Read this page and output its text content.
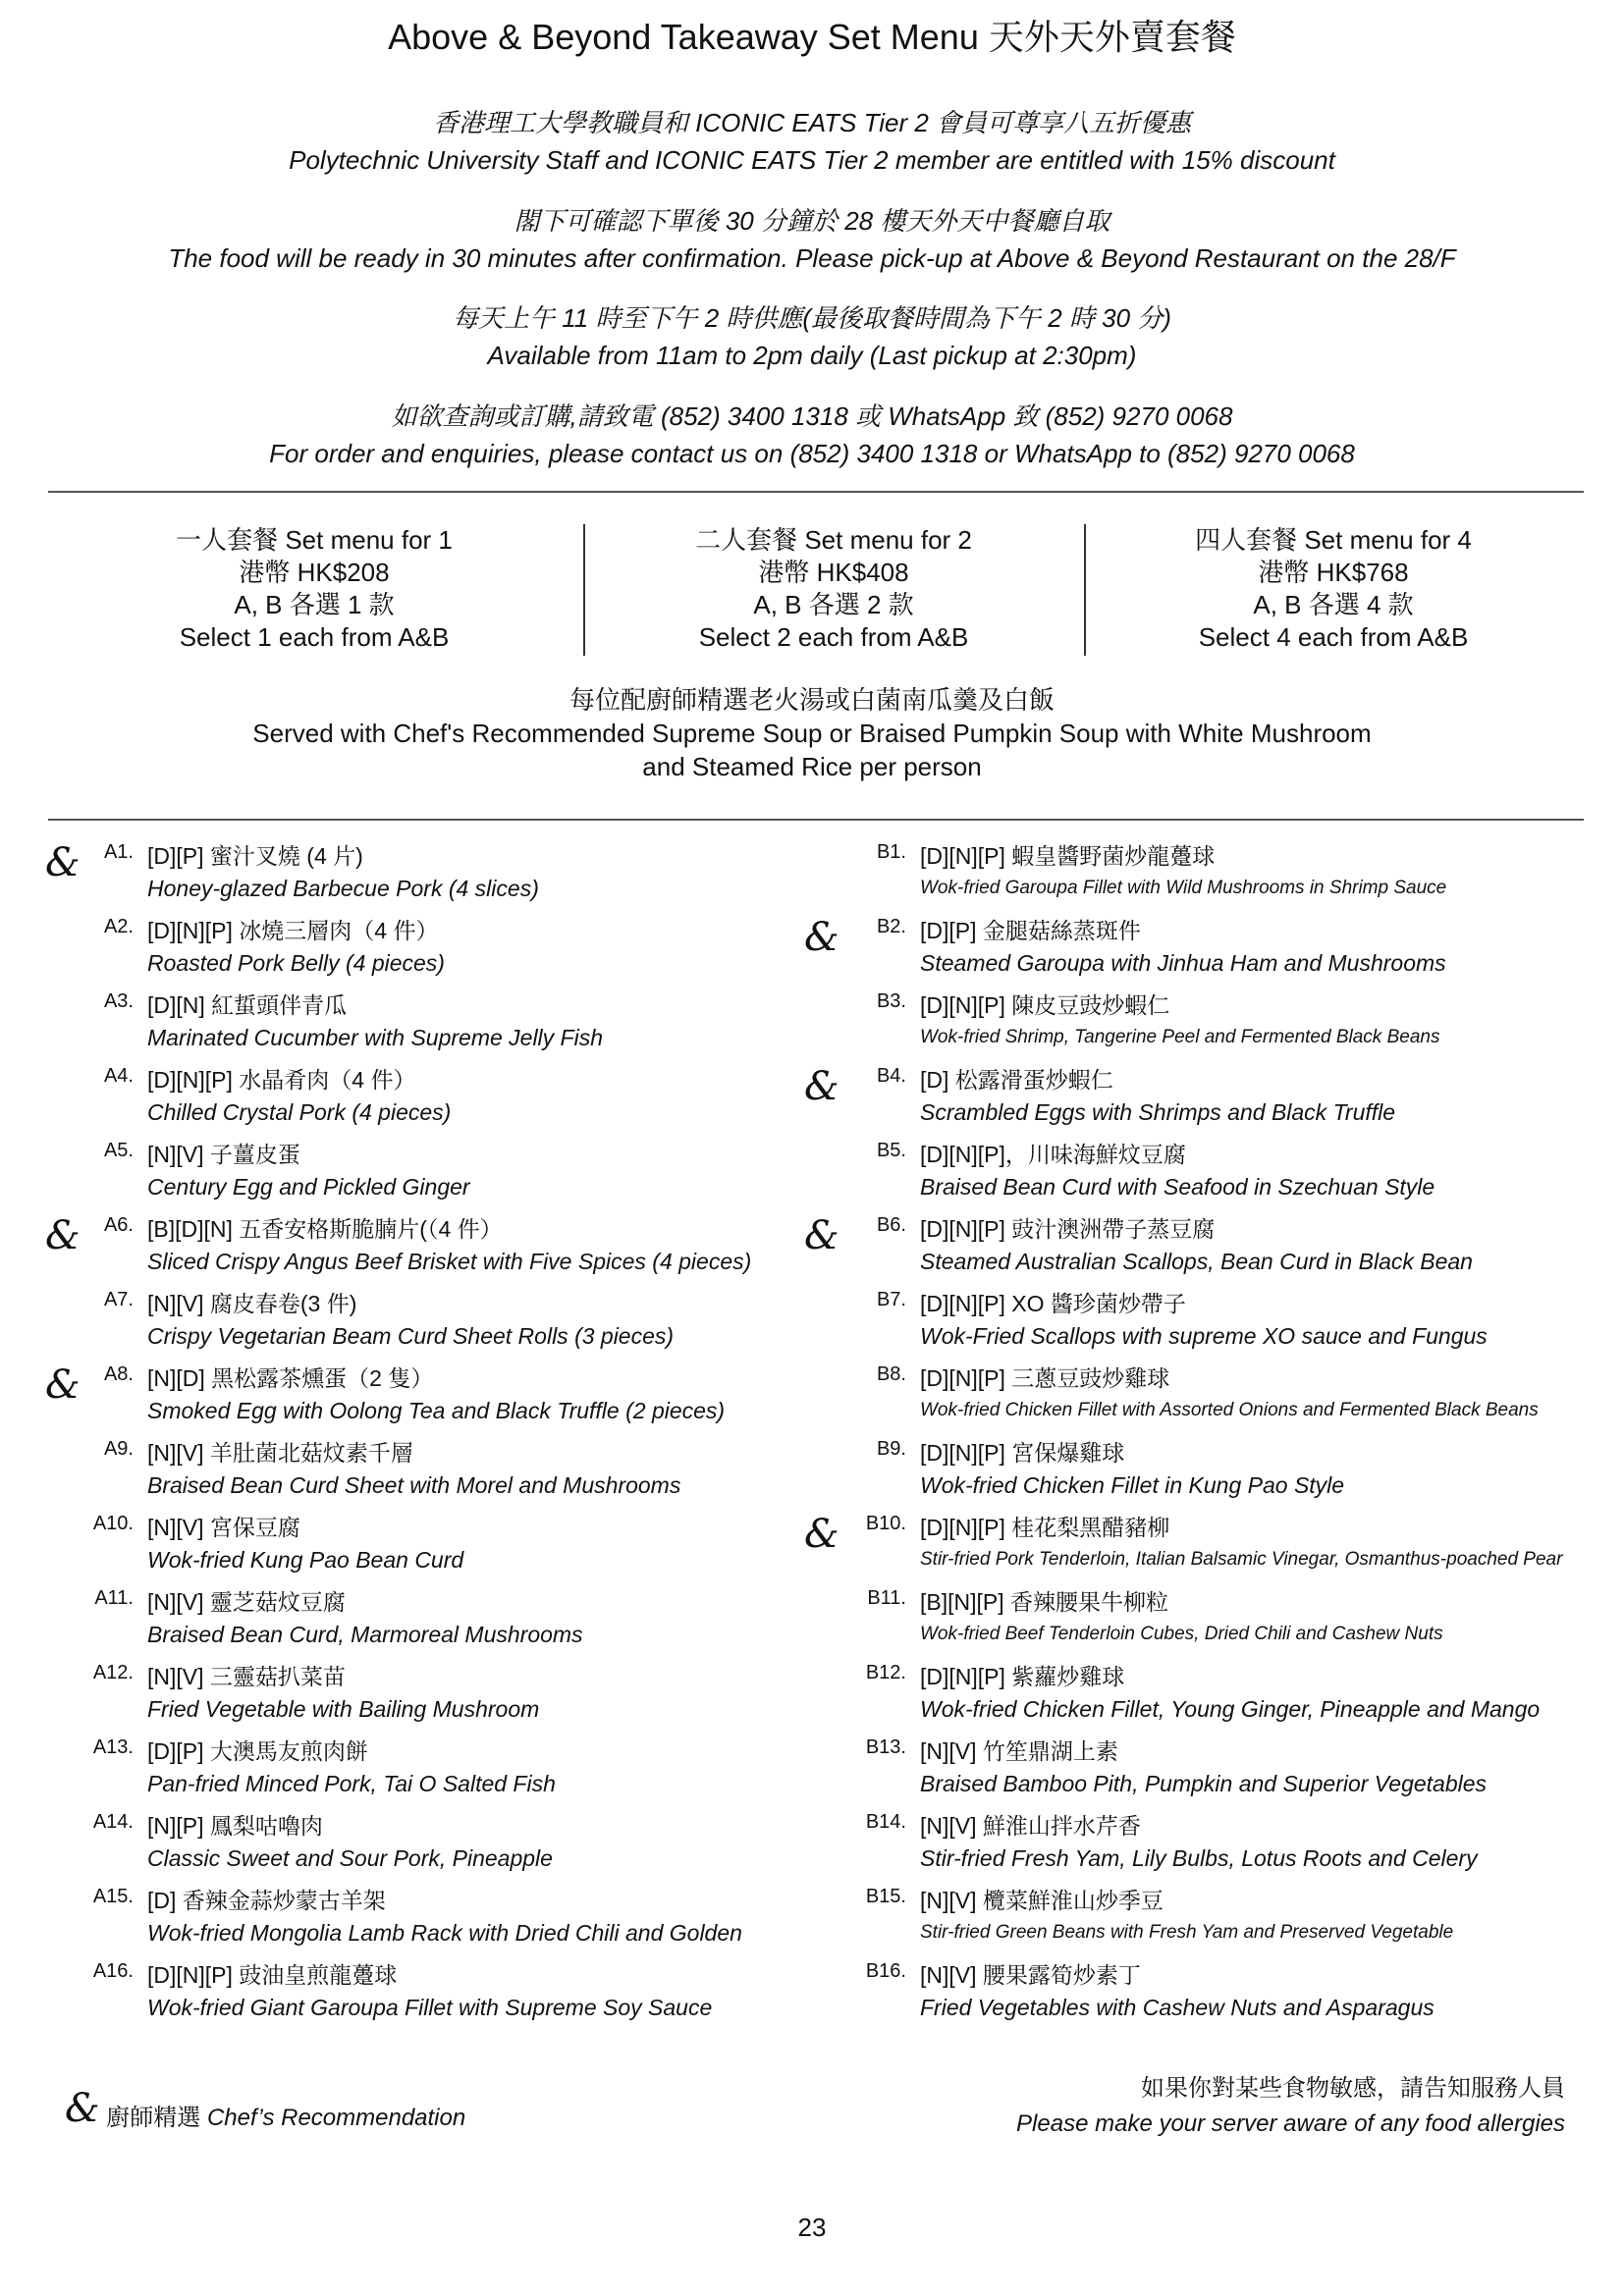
Above & Beyond Takeaway Set Menu 天外天外賣套餐
香港理工大學教職員和 ICONIC EATS Tier 2 會員可尊享八五折優惠
Polytechnic University Staff and ICONIC EATS Tier 2 member are entitled with 15% discount
閣下可確認下單後 30 分鐘於 28 樓天外天中餐廳自取
The food will be ready in 30 minutes after confirmation. Please pick-up at Above & Beyond Restaurant on the 28/F
每天上午 11 時至下午 2 時供應(最後取餐時間為下午 2 時 30 分)
Available from 11am to 2pm daily (Last pickup at 2:30pm)
如欲查詢或訂購,請致電 (852) 3400 1318 或 WhatsApp 致 (852) 9270 0068
For order and enquiries, please contact us on (852) 3400 1318 or WhatsApp to (852) 9270 0068
一人套餐 Set menu for 1
港幣 HK$208
A, B 各選 1 款
Select 1 each from A&B
二人套餐 Set menu for 2
港幣 HK$408
A, B 各選 2 款
Select 2 each from A&B
四人套餐 Set menu for 4
港幣 HK$768
A, B 各選 4 款
Select 4 each from A&B
每位配廚師精選老火湯或白菌南瓜羹及白飯
Served with Chef's Recommended Supreme Soup or Braised Pumpkin Soup with White Mushroom
and Steamed Rice per person
& A1. [D][P] 蜜汁叉燒 (4 片)
Honey-glazed Barbecue Pork (4 slices)
A2. [D][N][P] 冰燒三層肉（4 件）
Roasted Pork Belly (4 pieces)
A3. [D][N] 紅蜇頭伴青瓜
Marinated Cucumber with Supreme Jelly Fish
A4. [D][N][P] 水晶肴肉（4 件）
Chilled Crystal Pork (4 pieces)
A5. [N][V] 子薑皮蛋
Century Egg and Pickled Ginger
& A6. [B][D][N] 五香安格斯脆腩片(（4 件）
Sliced Crispy Angus Beef Brisket with Five Spices (4 pieces)
A7. [N][V] 腐皮春卷(3 件)
Crispy Vegetarian Beam Curd Sheet Rolls (3 pieces)
& A8. [N][D] 黑松露茶燻蛋（2 隻）
Smoked Egg with Oolong Tea and Black Truffle (2 pieces)
A9. [N][V] 羊肚菌北菇炆素千層
Braised Bean Curd Sheet with Morel and Mushrooms
A10. [N][V] 宮保豆腐
Wok-fried Kung Pao Bean Curd
A11. [N][V] 靈芝菇炆豆腐
Braised Bean Curd, Marmoreal Mushrooms
A12. [N][V] 三靈菇扒菜苗
Fried Vegetable with Bailing Mushroom
A13. [D][P] 大澳馬友煎肉餅
Pan-fried Minced Pork, Tai O Salted Fish
A14. [N][P] 鳳梨咕嚕肉
Classic Sweet and Sour Pork, Pineapple
A15. [D] 香辣金蒜炒蒙古羊架
Wok-fried Mongolia Lamb Rack with Dried Chili and Golden
A16. [D][N][P] 豉油皇煎龍躉球
Wok-fried Giant Garoupa Fillet with Supreme Soy Sauce
B1. [D][N][P] 蝦皇醬野菌炒龍躉球
Wok-fried Garoupa Fillet with Wild Mushrooms in Shrimp Sauce
& B2. [D][P] 金腿菇絲蒸斑件
Steamed Garoupa with Jinhua Ham and Mushrooms
B3. [D][N][P] 陳皮豆豉炒蝦仁
Wok-fried Shrimp, Tangerine Peel and Fermented Black Beans
& B4. [D] 松露滑蛋炒蝦仁
Scrambled Eggs with Shrimps and Black Truffle
B5. [D][N][P]，川味海鮮炆豆腐
Braised Bean Curd with Seafood in Szechuan Style
& B6. [D][N][P] 豉汁澳洲帶子蒸豆腐
Steamed Australian Scallops, Bean Curd in Black Bean
B7. [D][N][P] XO 醬珍菌炒帶子
Wok-Fried Scallops with supreme XO sauce and Fungus
B8. [D][N][P] 三蔥豆豉炒雞球
Wok-fried Chicken Fillet with Assorted Onions and Fermented Black Beans
B9. [D][N][P] 宮保爆雞球
Wok-fried Chicken Fillet in Kung Pao Style
& B10. [D][N][P] 桂花梨黑醋豬柳
Stir-fried Pork Tenderloin, Italian Balsamic Vinegar, Osmanthus-poached Pear
B11. [B][N][P] 香辣腰果牛柳粒
Wok-fried Beef Tenderloin Cubes, Dried Chili and Cashew Nuts
B12. [D][N][P] 紫蘿炒雞球
Wok-fried Chicken Fillet, Young Ginger, Pineapple and Mango
B13. [N][V] 竹笙鼎湖上素
Braised Bamboo Pith, Pumpkin and Superior Vegetables
B14. [N][V] 鮮淮山拌水芹香
Stir-fried Fresh Yam, Lily Bulbs, Lotus Roots and Celery
B15. [N][V] 欖菜鮮淮山炒季豆
Stir-fried Green Beans with Fresh Yam and Preserved Vegetable
B16. [N][V] 腰果露筍炒素丁
Fried Vegetables with Cashew Nuts and Asparagus
& 廚師精選 Chef’s Recommendation
如果你對某些食物敏感，請告知服務人員
Please make your server aware of any food allergies
23
